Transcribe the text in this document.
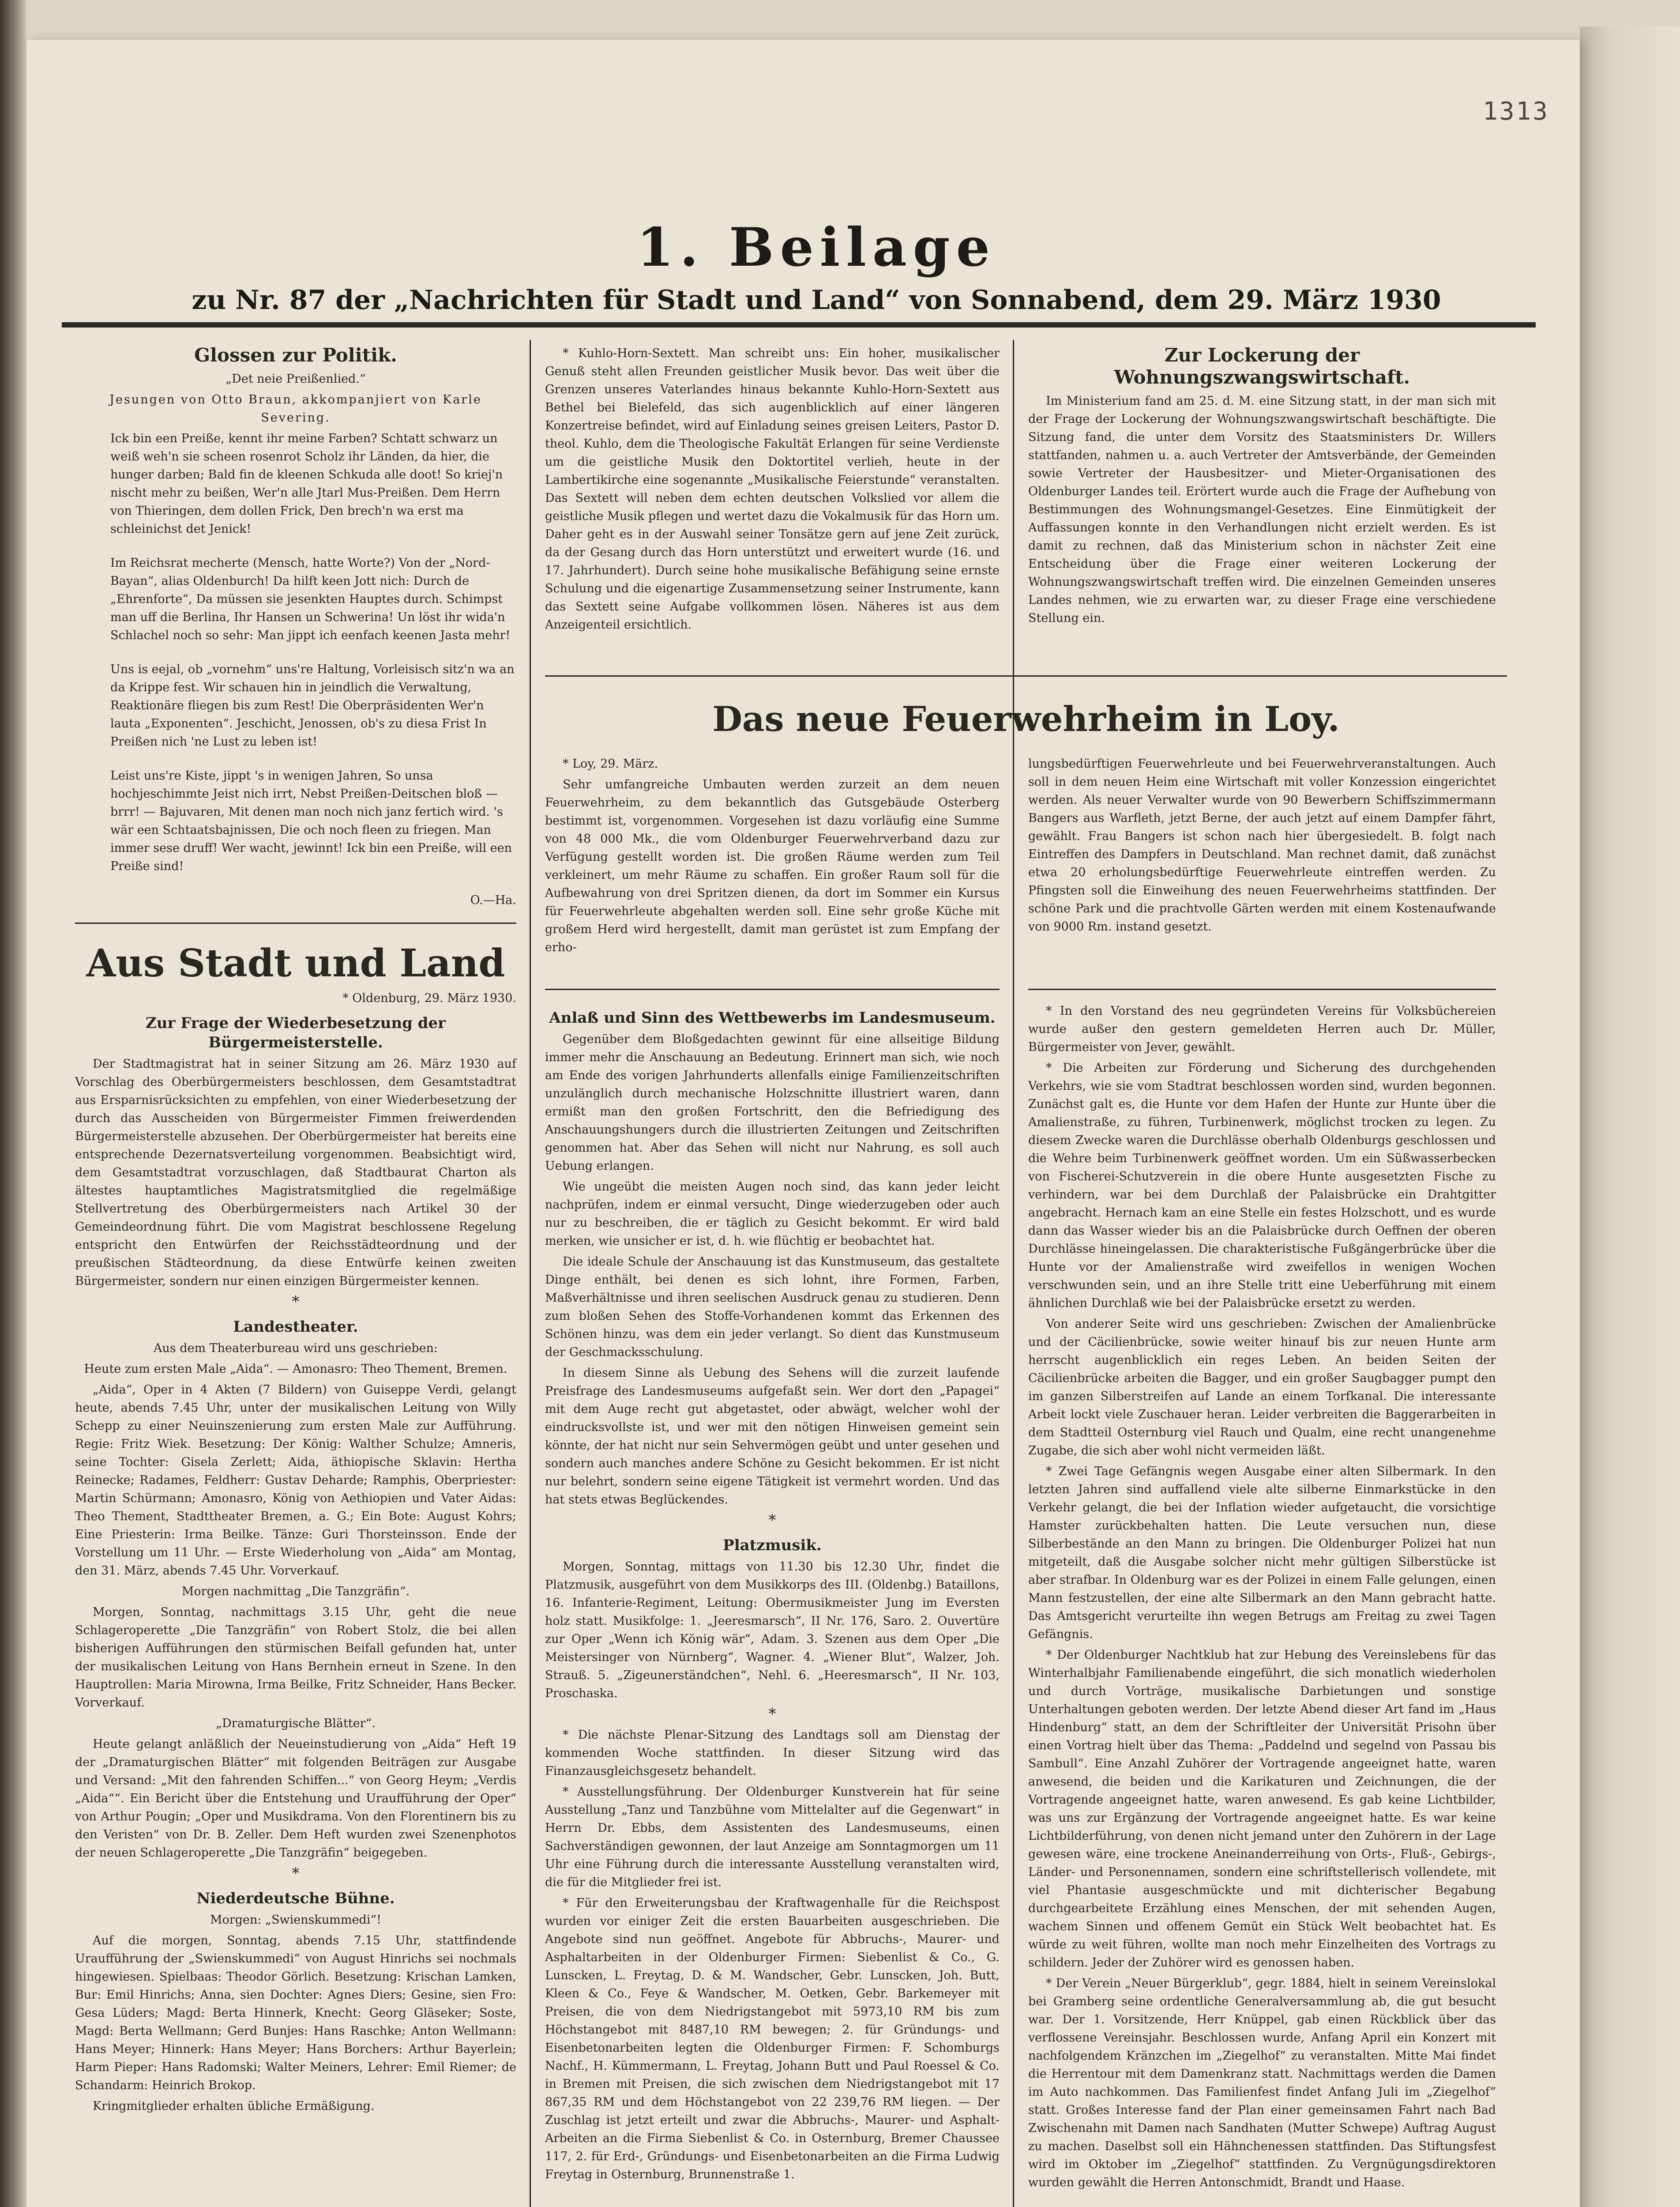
1313
1. Beilage
zu Nr. 87 der „Nachrichten für Stadt und Land“ von Sonnabend, dem 29. März 1930
Glossen zur Politik.

„Det neie Preißenlied.“

Jesungen von Otto Braun, akkompanjiert von Karle Severing.

Ick bin een Preiße, kennt ihr meine Farben? Schtatt schwarz un weiß weh'n sie scheen rosenrot Scholz ihr Länden, da hier, die hunger darben; Bald fin de kleenen Schkuda alle doot! So kriej'n nischt mehr zu beißen, Wer'n alle Jtarl Mus-Preißen. Dem Herrn von Thieringen, dem dollen Frick, Den brech'n wa erst ma schleinichst det Jenick!

Im Reichsrat mecherte (Mensch, hatte Worte?) Von der „Nord-Bayan“, alias Oldenburch! Da hilft keen Jott nich: Durch de „Ehrenforte“, Da müssen sie jesenkten Hauptes durch. Schimpst man uff die Berlina, Ihr Hansen un Schwerina! Un löst ihr wida'n Schlachel noch so sehr: Man jippt ich eenfach keenen Jasta mehr!

Uns is eejal, ob „vornehm“ uns're Haltung, Vorleisisch sitz'n wa an da Krippe fest. Wir schauen hin in jeindlich die Verwaltung, Reaktionäre fliegen bis zum Rest! Die Oberpräsidenten Wer'n lauta „Exponenten“. Jeschicht, Jenossen, ob's zu diesa Frist In Preißen nich 'ne Lust zu leben ist!

Leist uns're Kiste, jippt 's in wenigen Jahren, So unsa hochjeschimmte Jeist nich irrt, Nebst Preißen-Deitschen bloß — brrr! — Bajuvaren, Mit denen man noch nich janz fertich wird. 's wär een Schtaatsbajnissen, Die och noch fleen zu friegen. Man immer sese druff! Wer wacht, jewinnt! Ick bin een Preiße, will een Preiße sind!

O.—Ha.

Aus Stadt und Land
* Oldenburg, 29. März 1930.
Zur Frage der Wiederbesetzung der Bürgermeisterstelle.

Der Stadtmagistrat hat in seiner Sitzung am 26. März 1930 auf Vorschlag des Oberbürgermeisters beschlossen, dem Gesamtstadtrat aus Ersparnisrücksichten zu empfehlen, von einer Wiederbesetzung der durch das Ausscheiden von Bürgermeister Fimmen freiwerdenden Bürgermeisterstelle abzusehen. Der Oberbürgermeister hat bereits eine entsprechende Dezernatsverteilung vorgenommen. Beabsichtigt wird, dem Gesamtstadtrat vorzuschlagen, daß Stadtbaurat Charton als ältestes hauptamtliches Magistratsmitglied die regelmäßige Stellvertretung des Oberbürgermeisters nach Artikel 30 der Gemeindeordnung führt. Die vom Magistrat beschlossene Regelung entspricht den Entwürfen der Reichsstädteordnung und der preußischen Städteordnung, da diese Entwürfe keinen zweiten Bürgermeister, sondern nur einen einzigen Bürgermeister kennen.

*
Landestheater.

Aus dem Theaterbureau wird uns geschrieben:

Heute zum ersten Male „Aida“. — Amonasro: Theo Thement, Bremen.

„Aida“, Oper in 4 Akten (7 Bildern) von Guiseppe Verdi, gelangt heute, abends 7.45 Uhr, unter der musikalischen Leitung von Willy Schepp zu einer Neuinszenierung zum ersten Male zur Aufführung. Regie: Fritz Wiek. Besetzung: Der König: Walther Schulze; Amneris, seine Tochter: Gisela Zerlett; Aida, äthiopische Sklavin: Hertha Reinecke; Radames, Feldherr: Gustav Deharde; Ramphis, Oberpriester: Martin Schürmann; Amonasro, König von Aethiopien und Vater Aidas: Theo Thement, Stadttheater Bremen, a. G.; Ein Bote: August Kohrs; Eine Priesterin: Irma Beilke. Tänze: Guri Thorsteinsson. Ende der Vorstellung um 11 Uhr. — Erste Wiederholung von „Aida“ am Montag, den 31. März, abends 7.45 Uhr. Vorverkauf.

Morgen nachmittag „Die Tanzgräfin“.

Morgen, Sonntag, nachmittags 3.15 Uhr, geht die neue Schlageroperette „Die Tanzgräfin“ von Robert Stolz, die bei allen bisherigen Aufführungen den stürmischen Beifall gefunden hat, unter der musikalischen Leitung von Hans Bernhein erneut in Szene. In den Hauptrollen: Maria Mirowna, Irma Beilke, Fritz Schneider, Hans Becker. Vorverkauf.

„Dramaturgische Blätter“.

Heute gelangt anläßlich der Neueinstudierung von „Aida“ Heft 19 der „Dramaturgischen Blätter“ mit folgenden Beiträgen zur Ausgabe und Versand: „Mit den fahrenden Schiffen...“ von Georg Heym; „Verdis „Aida““. Ein Bericht über die Entstehung und Uraufführung der Oper“ von Arthur Pougin; „Oper und Musikdrama. Von den Florentinern bis zu den Veristen“ von Dr. B. Zeller. Dem Heft wurden zwei Szenenphotos der neuen Schlageroperette „Die Tanzgräfin“ beigegeben.

*
Niederdeutsche Bühne.

Morgen: „Swienskummedi“!

Auf die morgen, Sonntag, abends 7.15 Uhr, stattfindende Uraufführung der „Swienskummedi“ von August Hinrichs sei nochmals hingewiesen. Spielbaas: Theodor Görlich. Besetzung: Krischan Lamken, Bur: Emil Hinrichs; Anna, sien Dochter: Agnes Diers; Gesine, sien Fro: Gesa Lüders; Magd: Berta Hinnerk, Knecht: Georg Gläseker; Soste, Magd: Berta Wellmann; Gerd Bunjes: Hans Raschke; Anton Wellmann: Hans Meyer; Hinnerk: Hans Meyer; Hans Borchers: Arthur Bayerlein; Harm Pieper: Hans Radomski; Walter Meiners, Lehrer: Emil Riemer; de Schandarm: Heinrich Brokop.

Kringmitglieder erhalten übliche Ermäßigung.

* Kuhlo-Horn-Sextett. Man schreibt uns: Ein hoher, musikalischer Genuß steht allen Freunden geistlicher Musik bevor. Das weit über die Grenzen unseres Vaterlandes hinaus bekannte Kuhlo-Horn-Sextett aus Bethel bei Bielefeld, das sich augenblicklich auf einer längeren Konzertreise befindet, wird auf Einladung seines greisen Leiters, Pastor D. theol. Kuhlo, dem die Theologische Fakultät Erlangen für seine Verdienste um die geistliche Musik den Doktortitel verlieh, heute in der Lambertikirche eine sogenannte „Musikalische Feierstunde“ veranstalten. Das Sextett will neben dem echten deutschen Volkslied vor allem die geistliche Musik pflegen und wertet dazu die Vokalmusik für das Horn um. Daher geht es in der Auswahl seiner Tonsätze gern auf jene Zeit zurück, da der Gesang durch das Horn unterstützt und erweitert wurde (16. und 17. Jahrhundert). Durch seine hohe musikalische Befähigung seine ernste Schulung und die eigenartige Zusammensetzung seiner Instrumente, kann das Sextett seine Aufgabe vollkommen lösen. Näheres ist aus dem Anzeigenteil ersichtlich.

Zur Lockerung der Wohnungszwangswirtschaft.

Im Ministerium fand am 25. d. M. eine Sitzung statt, in der man sich mit der Frage der Lockerung der Wohnungszwangswirtschaft beschäftigte. Die Sitzung fand, die unter dem Vorsitz des Staatsministers Dr. Willers stattfanden, nahmen u. a. auch Vertreter der Amtsverbände, der Gemeinden sowie Vertreter der Hausbesitzer- und Mieter-Organisationen des Oldenburger Landes teil. Erörtert wurde auch die Frage der Aufhebung von Bestimmungen des Wohnungsmangel-Gesetzes. Eine Einmütigkeit der Auffassungen konnte in den Verhandlungen nicht erzielt werden. Es ist damit zu rechnen, daß das Ministerium schon in nächster Zeit eine Entscheidung über die Frage einer weiteren Lockerung der Wohnungszwangswirtschaft treffen wird. Die einzelnen Gemeinden unseres Landes nehmen, wie zu erwarten war, zu dieser Frage eine verschiedene Stellung ein.

Das neue Feuerwehrheim in Loy.

* Loy, 29. März.

Sehr umfangreiche Umbauten werden zurzeit an dem neuen Feuerwehrheim, zu dem bekanntlich das Gutsgebäude Osterberg bestimmt ist, vorgenommen. Vorgesehen ist dazu vorläufig eine Summe von 48 000 Mk., die vom Oldenburger Feuerwehrverband dazu zur Verfügung gestellt worden ist. Die großen Räume werden zum Teil verkleinert, um mehr Räume zu schaffen. Ein großer Raum soll für die Aufbewahrung von drei Spritzen dienen, da dort im Sommer ein Kursus für Feuerwehrleute abgehalten werden soll. Eine sehr große Küche mit großem Herd wird hergestellt, damit man gerüstet ist zum Empfang der erho-

lungsbedürftigen Feuerwehrleute und bei Feuerwehrveranstaltungen. Auch soll in dem neuen Heim eine Wirtschaft mit voller Konzession eingerichtet werden. Als neuer Verwalter wurde von 90 Bewerbern Schiffszimmermann Bangers aus Warfleth, jetzt Berne, der auch jetzt auf einem Dampfer fährt, gewählt. Frau Bangers ist schon nach hier übergesiedelt. B. folgt nach Eintreffen des Dampfers in Deutschland. Man rechnet damit, daß zunächst etwa 20 erholungsbedürftige Feuerwehrleute eintreffen werden. Zu Pfingsten soll die Einweihung des neuen Feuerwehrheims stattfinden. Der schöne Park und die prachtvolle Gärten werden mit einem Kostenaufwande von 9000 Rm. instand gesetzt.

Anlaß und Sinn des Wettbewerbs im Landesmuseum.

Gegenüber dem Bloßgedachten gewinnt für eine allseitige Bildung immer mehr die Anschauung an Bedeutung. Erinnert man sich, wie noch am Ende des vorigen Jahrhunderts allenfalls einige Familienzeitschriften unzulänglich durch mechanische Holzschnitte illustriert waren, dann ermißt man den großen Fortschritt, den die Befriedigung des Anschauungshungers durch die illustrierten Zeitungen und Zeitschriften genommen hat. Aber das Sehen will nicht nur Nahrung, es soll auch Uebung erlangen.

Wie ungeübt die meisten Augen noch sind, das kann jeder leicht nachprüfen, indem er einmal versucht, Dinge wiederzugeben oder auch nur zu beschreiben, die er täglich zu Gesicht bekommt. Er wird bald merken, wie unsicher er ist, d. h. wie flüchtig er beobachtet hat.

Die ideale Schule der Anschauung ist das Kunstmuseum, das gestaltete Dinge enthält, bei denen es sich lohnt, ihre Formen, Farben, Maßverhältnisse und ihren seelischen Ausdruck genau zu studieren. Denn zum bloßen Sehen des Stoffe-Vorhandenen kommt das Erkennen des Schönen hinzu, was dem ein jeder verlangt. So dient das Kunstmuseum der Geschmacksschulung.

In diesem Sinne als Uebung des Sehens will die zurzeit laufende Preisfrage des Landesmuseums aufgefaßt sein. Wer dort den „Papagei“ mit dem Auge recht gut abgetastet, oder abwägt, welcher wohl der eindrucksvollste ist, und wer mit den nötigen Hinweisen gemeint sein könnte, der hat nicht nur sein Sehvermögen geübt und unter gesehen und sondern auch manches andere Schöne zu Gesicht bekommen. Er ist nicht nur belehrt, sondern seine eigene Tätigkeit ist vermehrt worden. Und das hat stets etwas Beglückendes.

*
Platzmusik.

Morgen, Sonntag, mittags von 11.30 bis 12.30 Uhr, findet die Platzmusik, ausgeführt von dem Musikkorps des III. (Oldenbg.) Bataillons, 16. Infanterie-Regiment, Leitung: Obermusikmeister Jung im Eversten holz statt. Musikfolge: 1. „Jeeresmarsch“, II Nr. 176, Saro. 2. Ouvertüre zur Oper „Wenn ich König wär“, Adam. 3. Szenen aus dem Oper „Die Meistersinger von Nürnberg“, Wagner. 4. „Wiener Blut“, Walzer, Joh. Strauß. 5. „Zigeunerständchen“, Nehl. 6. „Heeresmarsch“, II Nr. 103, Proschaska.

*

* Die nächste Plenar-Sitzung des Landtags soll am Dienstag der kommenden Woche stattfinden. In dieser Sitzung wird das Finanzausgleichsgesetz behandelt.

* Ausstellungsführung. Der Oldenburger Kunstverein hat für seine Ausstellung „Tanz und Tanzbühne vom Mittelalter auf die Gegenwart“ in Herrn Dr. Ebbs, dem Assistenten des Landesmuseums, einen Sachverständigen gewonnen, der laut Anzeige am Sonntagmorgen um 11 Uhr eine Führung durch die interessante Ausstellung veranstalten wird, die für die Mitglieder frei ist.

* Für den Erweiterungsbau der Kraftwagenhalle für die Reichspost wurden vor einiger Zeit die ersten Bauarbeiten ausgeschrieben. Die Angebote sind nun geöffnet. Angebote für Abbruchs-, Maurer- und Asphaltarbeiten in der Oldenburger Firmen: Siebenlist & Co., G. Lunscken, L. Freytag, D. & M. Wandscher, Gebr. Lunscken, Joh. Butt, Kleen & Co., Feye & Wandscher, M. Oetken, Gebr. Barkemeyer mit Preisen, die von dem Niedrigstangebot mit 5973,10 RM bis zum Höchstangebot mit 8487,10 RM bewegen; 2. für Gründungs- und Eisenbetonarbeiten legten die Oldenburger Firmen: F. Schomburgs Nachf., H. Kümmermann, L. Freytag, Johann Butt und Paul Roessel & Co. in Bremen mit Preisen, die sich zwischen dem Niedrigstangebot mit 17 867,35 RM und dem Höchstangebot von 22 239,76 RM liegen. — Der Zuschlag ist jetzt erteilt und zwar die Abbruchs-, Maurer- und Asphalt-Arbeiten an die Firma Siebenlist & Co. in Osternburg, Bremer Chaussee 117, 2. für Erd-, Gründungs- und Eisenbetonarbeiten an die Firma Ludwig Freytag in Osternburg, Brunnenstraße 1.

* In den Vorstand des neu gegründeten Vereins für Volksbüchereien wurde außer den gestern gemeldeten Herren auch Dr. Müller, Bürgermeister von Jever, gewählt.

* Die Arbeiten zur Förderung und Sicherung des durchgehenden Verkehrs, wie sie vom Stadtrat beschlossen worden sind, wurden begonnen. Zunächst galt es, die Hunte vor dem Hafen der Hunte zur Hunte über die Amalienstraße, zu führen, Turbinenwerk, möglichst trocken zu legen. Zu diesem Zwecke waren die Durchlässe oberhalb Oldenburgs geschlossen und die Wehre beim Turbinenwerk geöffnet worden. Um ein Süßwasserbecken von Fischerei-Schutzverein in die obere Hunte ausgesetzten Fische zu verhindern, war bei dem Durchlaß der Palaisbrücke ein Drahtgitter angebracht. Hernach kam an eine Stelle ein festes Holzschott, und es wurde dann das Wasser wieder bis an die Palaisbrücke durch Oeffnen der oberen Durchlässe hineingelassen. Die charakteristische Fußgängerbrücke über die Hunte vor der Amalienstraße wird zweifellos in wenigen Wochen verschwunden sein, und an ihre Stelle tritt eine Ueberführung mit einem ähnlichen Durchlaß wie bei der Palaisbrücke ersetzt zu werden.

Von anderer Seite wird uns geschrieben: Zwischen der Amalienbrücke und der Cäcilienbrücke, sowie weiter hinauf bis zur neuen Hunte arm herrscht augenblicklich ein reges Leben. An beiden Seiten der Cäcilienbrücke arbeiten die Bagger, und ein großer Saugbagger pumpt den im ganzen Silberstreifen auf Lande an einem Torfkanal. Die interessante Arbeit lockt viele Zuschauer heran. Leider verbreiten die Baggerarbeiten in dem Stadtteil Osternburg viel Rauch und Qualm, eine recht unangenehme Zugabe, die sich aber wohl nicht vermeiden läßt.

* Zwei Tage Gefängnis wegen Ausgabe einer alten Silbermark. In den letzten Jahren sind auffallend viele alte silberne Einmarkstücke in den Verkehr gelangt, die bei der Inflation wieder aufgetaucht, die vorsichtige Hamster zurückbehalten hatten. Die Leute versuchen nun, diese Silberbestände an den Mann zu bringen. Die Oldenburger Polizei hat nun mitgeteilt, daß die Ausgabe solcher nicht mehr gültigen Silberstücke ist aber strafbar. In Oldenburg war es der Polizei in einem Falle gelungen, einen Mann festzustellen, der eine alte Silbermark an den Mann gebracht hatte. Das Amtsgericht verurteilte ihn wegen Betrugs am Freitag zu zwei Tagen Gefängnis.

* Der Oldenburger Nachtklub hat zur Hebung des Vereinslebens für das Winterhalbjahr Familienabende eingeführt, die sich monatlich wiederholen und durch Vorträge, musikalische Darbietungen und sonstige Unterhaltungen geboten werden. Der letzte Abend dieser Art fand im „Haus Hindenburg“ statt, an dem der Schriftleiter der Universität Prisohn über einen Vortrag hielt über das Thema: „Paddelnd und segelnd von Passau bis Sambull“. Eine Anzahl Zuhörer der Vortragende angeeignet hatte, waren anwesend, die beiden und die Karikaturen und Zeichnungen, die der Vortragende angeeignet hatte, waren anwesend. Es gab keine Lichtbilder, was uns zur Ergänzung der Vortragende angeeignet hatte. Es war keine Lichtbilderführung, von denen nicht jemand unter den Zuhörern in der Lage gewesen wäre, eine trockene Aneinanderreihung von Orts-, Fluß-, Gebirgs-, Länder- und Personennamen, sondern eine schriftstellerisch vollendete, mit viel Phantasie ausgeschmückte und mit dichterischer Begabung durchgearbeitete Erzählung eines Menschen, der mit sehenden Augen, wachem Sinnen und offenem Gemüt ein Stück Welt beobachtet hat. Es würde zu weit führen, wollte man noch mehr Einzelheiten des Vortrags zu schildern. Jeder der Zuhörer wird es genossen haben.

* Der Verein „Neuer Bürgerklub“, gegr. 1884, hielt in seinem Vereinslokal bei Gramberg seine ordentliche Generalversammlung ab, die gut besucht war. Der 1. Vorsitzende, Herr Knüppel, gab einen Rückblick über das verflossene Vereinsjahr. Beschlossen wurde, Anfang April ein Konzert mit nachfolgendem Kränzchen im „Ziegelhof“ zu veranstalten. Mitte Mai findet die Herrentour mit dem Damenkranz statt. Nachmittags werden die Damen im Auto nachkommen. Das Familienfest findet Anfang Juli im „Ziegelhof“ statt. Großes Interesse fand der Plan einer gemeinsamen Fahrt nach Bad Zwischenahn mit Damen nach Sandhaten (Mutter Schwepe) Auftrag August zu machen. Daselbst soll ein Hähnchenessen stattfinden. Das Stiftungsfest wird im Oktober im „Ziegelhof“ stattfinden. Zu Vergnügungsdirektoren wurden gewählt die Herren Antonschmidt, Brandt und Haase.
